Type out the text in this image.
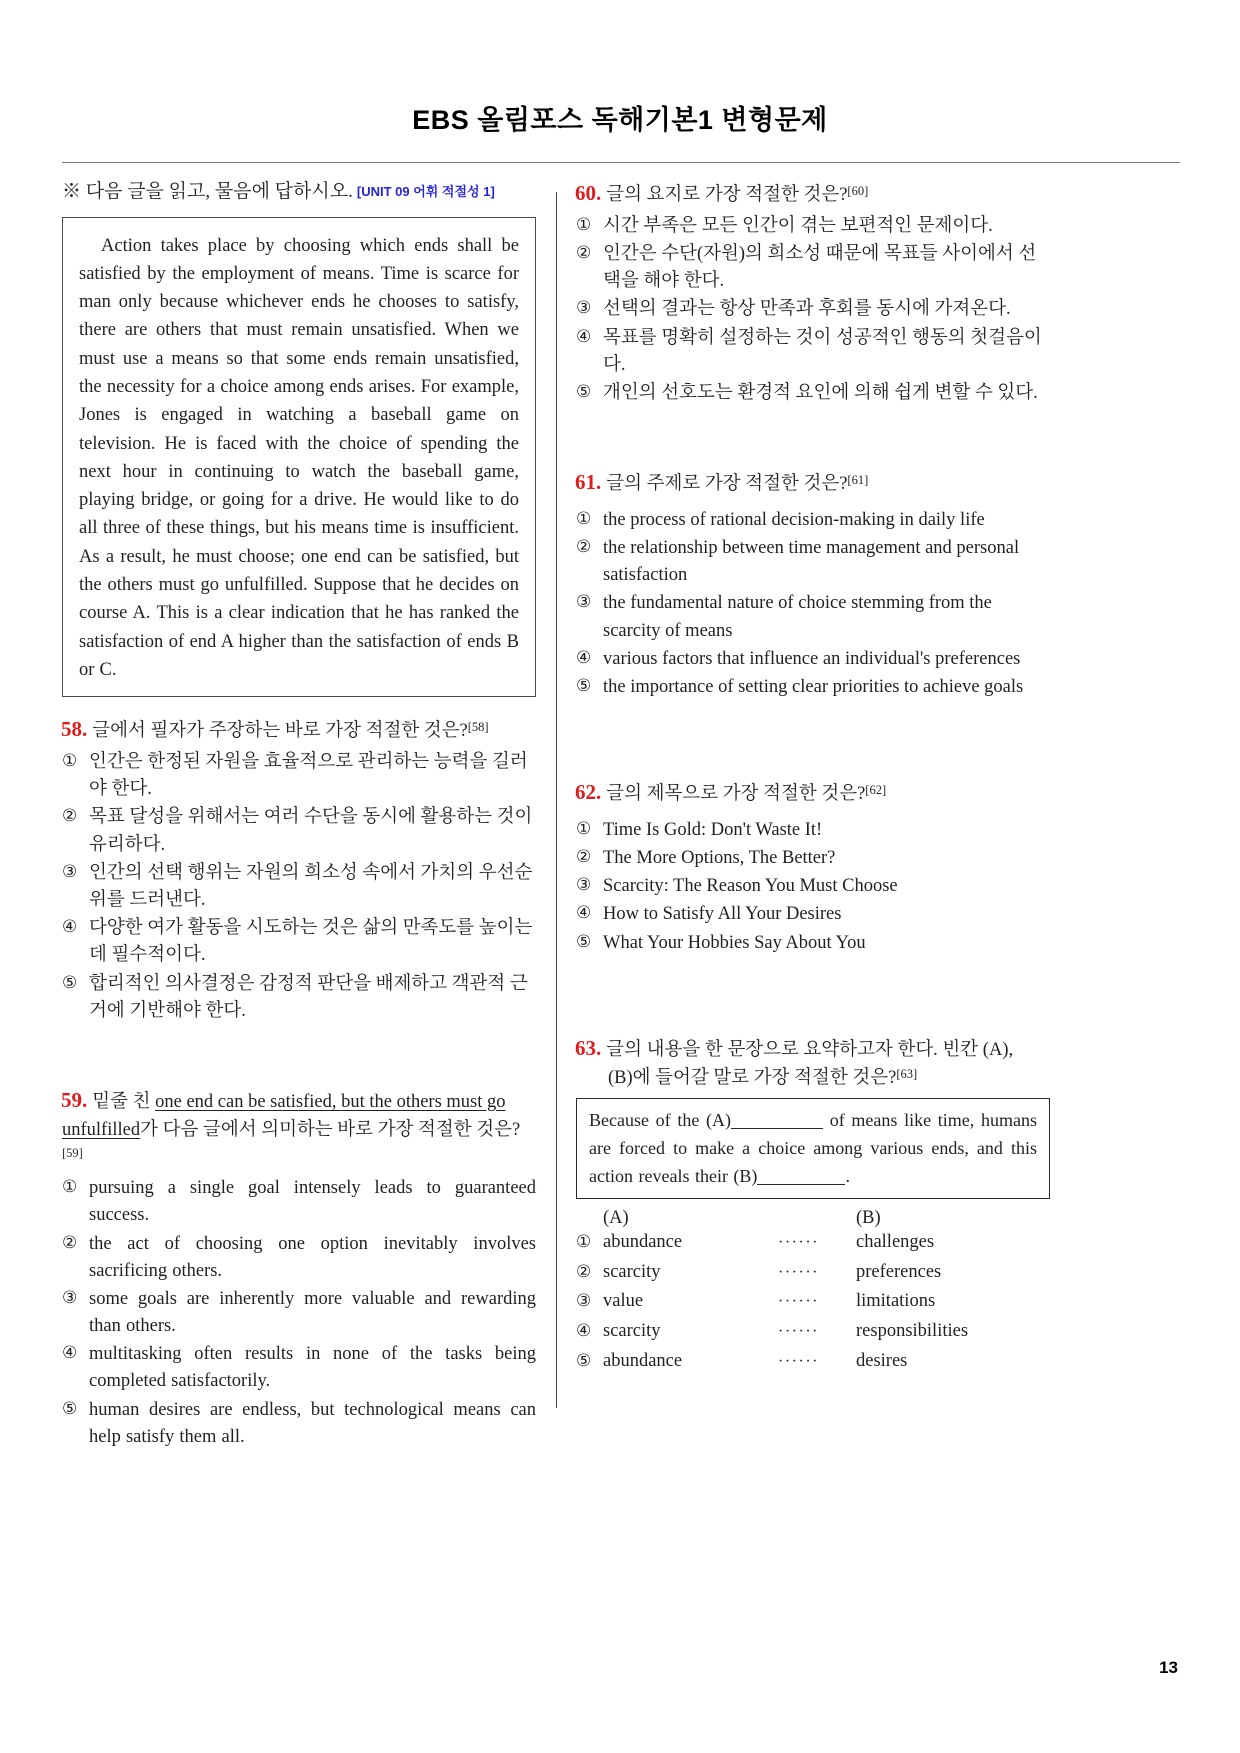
EBS 올림포스 독해기본1 변형문제
※ 다음 글을 읽고, 물음에 답하시오. [UNIT 09 어휘 적절성 1]

Action takes place by choosing which ends shall be satisfied by the employment of means. Time is scarce for man only because whichever ends he chooses to satisfy, there are others that must remain unsatisfied. When we must use a means so that some ends remain unsatisfied, the necessity for a choice among ends arises. For example, Jones is engaged in watching a baseball game on television. He is faced with the choice of spending the next hour in continuing to watch the baseball game, playing bridge, or going for a drive. He would like to do all three of these things, but his means time is insufficient. As a result, he must choose; one end can be satisfied, but the others must go unfulfilled. Suppose that he decides on course A. This is a clear indication that he has ranked the satisfaction of end A higher than the satisfaction of ends B or C.

58. 글에서 필자가 주장하는 바로 가장 적절한 것은?[58]
① 인간은 한정된 자원을 효율적으로 관리하는 능력을 길러야 한다.
② 목표 달성을 위해서는 여러 수단을 동시에 활용하는 것이 유리하다.
③ 인간의 선택 행위는 자원의 희소성 속에서 가치의 우선순위를 드러낸다.
④ 다양한 여가 활동을 시도하는 것은 삶의 만족도를 높이는 데 필수적이다.
⑤ 합리적인 의사결정은 감정적 판단을 배제하고 객관적 근거에 기반해야 한다.
59. 밑줄 친 one end can be satisfied, but the others must go unfulfilled가 다음 글에서 의미하는 바로 가장 적절한 것은?[59]
① pursuing a single goal intensely leads to guaranteed success.
② the act of choosing one option inevitably involves sacrificing others.
③ some goals are inherently more valuable and rewarding than others.
④ multitasking often results in none of the tasks being completed satisfactorily.
⑤ human desires are endless, but technological means can help satisfy them all.
60. 글의 요지로 가장 적절한 것은?[60]
① 시간 부족은 모든 인간이 겪는 보편적인 문제이다.
② 인간은 수단(자원)의 희소성 때문에 목표들 사이에서 선택을 해야 한다.
③ 선택의 결과는 항상 만족과 후회를 동시에 가져온다.
④ 목표를 명확히 설정하는 것이 성공적인 행동의 첫걸음이다.
⑤ 개인의 선호도는 환경적 요인에 의해 쉽게 변할 수 있다.
61. 글의 주제로 가장 적절한 것은?[61]
① the process of rational decision-making in daily life
② the relationship between time management and personal satisfaction
③ the fundamental nature of choice stemming from the scarcity of means
④ various factors that influence an individual's preferences
⑤ the importance of setting clear priorities to achieve goals
62. 글의 제목으로 가장 적절한 것은?[62]
① Time Is Gold: Don't Waste It!
② The More Options, The Better?
③ Scarcity: The Reason You Must Choose
④ How to Satisfy All Your Desires
⑤ What Your Hobbies Say About You
63. 글의 내용을 한 문장으로 요약하고자 한다. 빈칸 (A),
(B)에 들어갈 말로 가장 적절한 것은?[63]

Because of the (A)	of means like time, humans are forced to make a choice among various ends, and this action reveals their (B)	.

(A)	(B)
① abundance	······	challenges
② scarcity	······	preferences
③ value	······	limitations
④ scarcity	······	responsibilities
⑤ abundance	······	desires
13
